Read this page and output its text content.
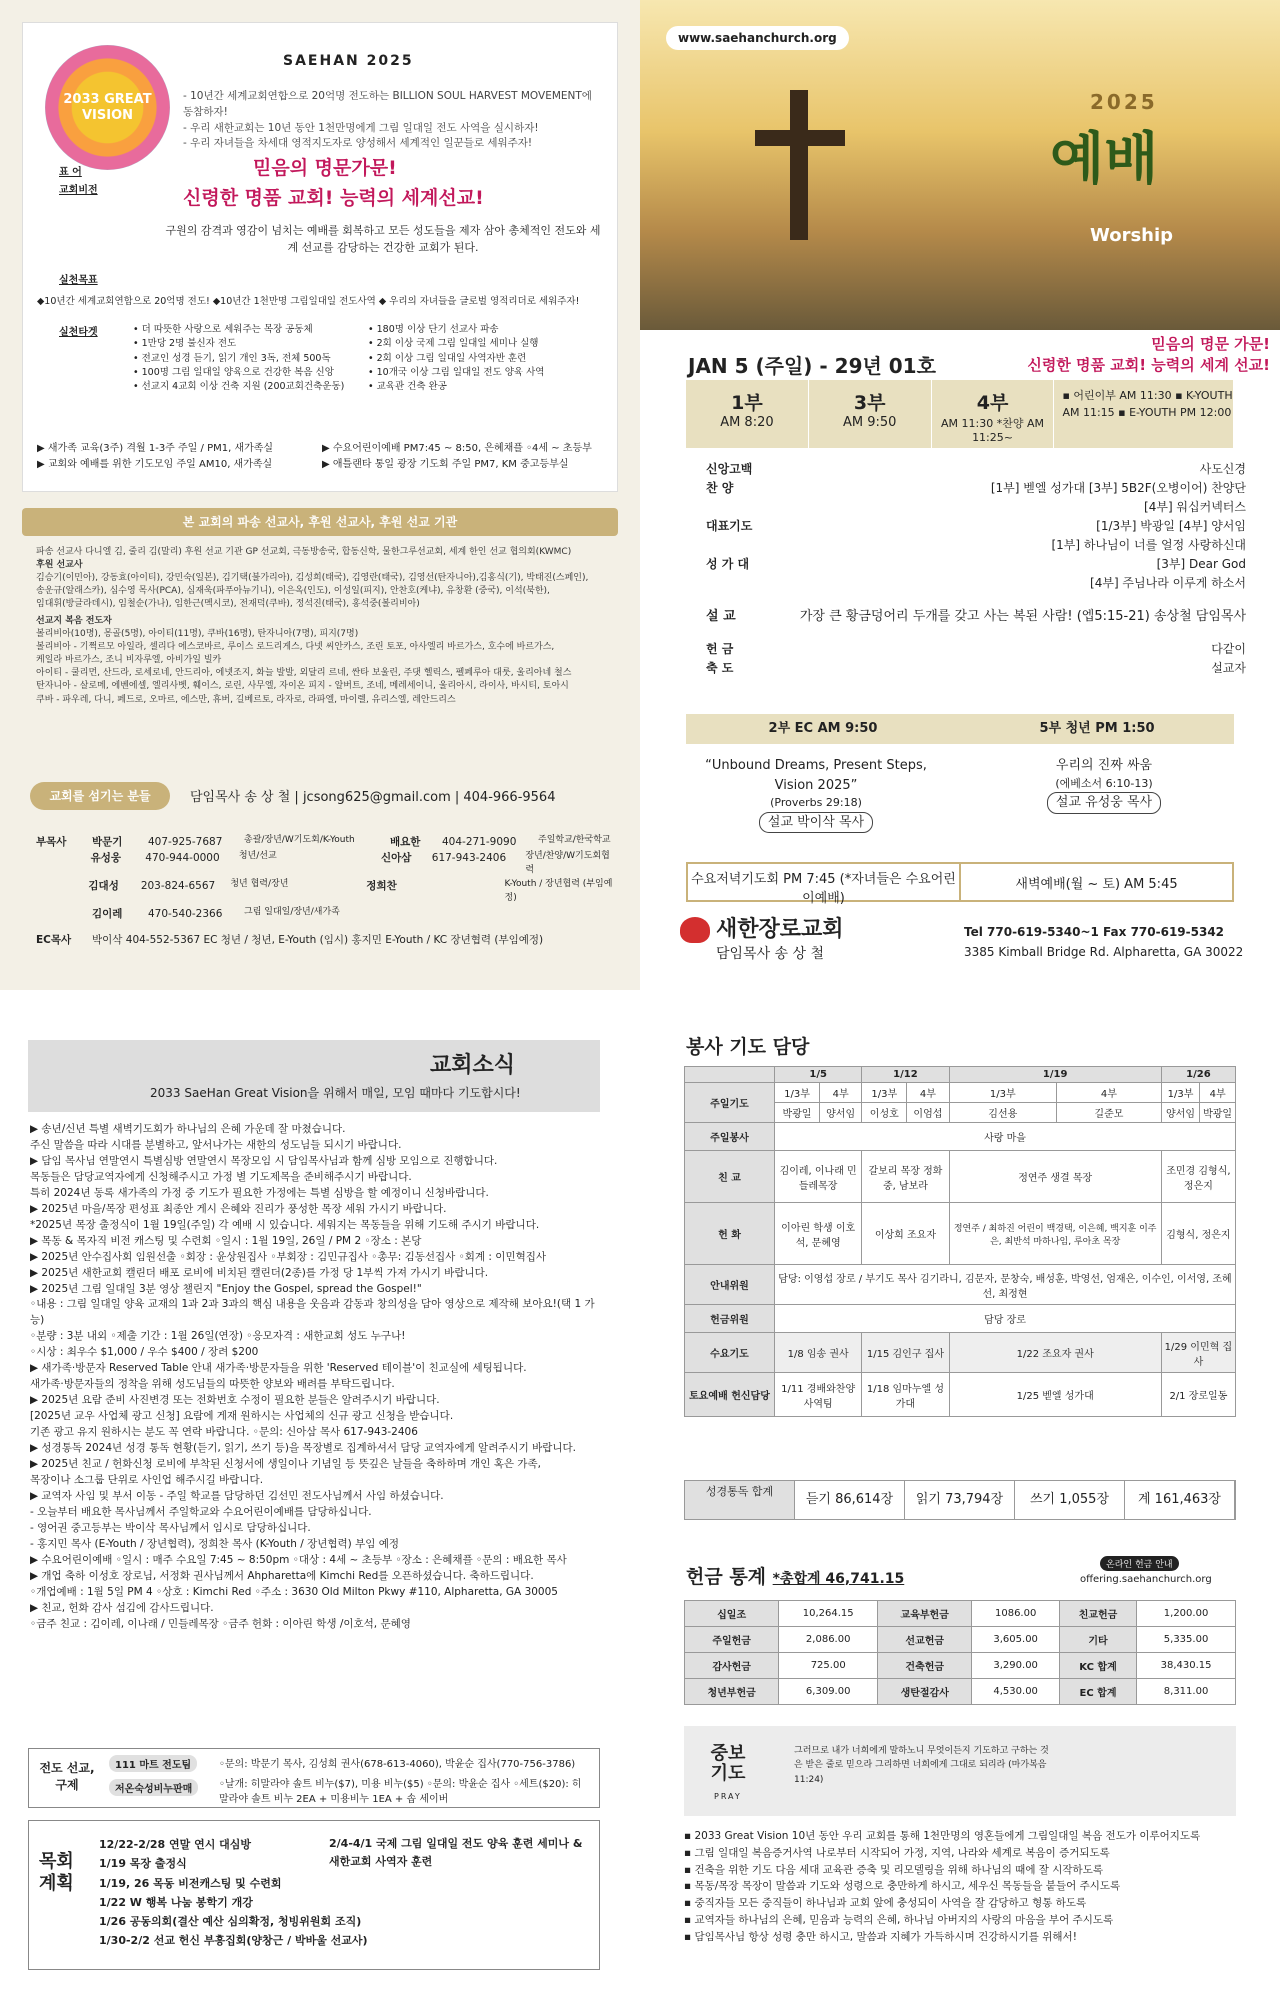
2033 GREAT VISION
SAEHAN 2025
- 10년간 세계교회연합으로 20억명 전도하는 BILLION SOUL HARVEST MOVEMENT에 동참하자!
- 우리 새한교회는 10년 동안 1천만명에게 그림 일대일 전도 사역을 실시하자!
- 우리 자녀들을 차세대 영적지도자로 양성해서 세계적인 일꾼들로 세워주자!
표 어
교회비전
믿음의 명문가문!
신령한 명품 교회! 능력의 세계선교!
구원의 감격과 영감이 넘치는 예배를 회복하고 모든 성도들을 제자 삼아 총체적인 전도와 세계 선교를 감당하는 건강한 교회가 된다.
실천목표
◆10년간 세계교회연합으로 20억명 전도! ◆10년간 1천만명 그림일대일 전도사역 ◆ 우리의 자녀들을 글로벌 영적리더로 세워주자!
실천타겟	• 더 따뜻한 사랑으로 세워주는 목장 공동체
• 1만당 2명 불신자 전도
• 전교인 성경 듣기, 읽기 개인 3독, 전체 500독
• 100명 그림 일대일 양육으로 건강한 복음 신앙
• 선교지 4교회 이상 건축 지원 (200교회건축운동)
• 180명 이상 단기 선교사 파송
• 2회 이상 국제 그림 일대일 세미나 실행
• 2회 이상 그림 일대일 사역자반 훈련
• 10개국 이상 그림 일대일 전도 양육 사역
• 교육관 건축 완공
▶ 새가족 교육(3주) 격월 1-3주 주일 / PM1, 새가족실
▶ 교회와 예배를 위한 기도모임 주일 AM10, 새가족실
▶ 수요어린이예배 PM7:45 ~ 8:50, 은혜채플 ◦4세 ~ 초등부
▶ 애틀랜타 통일 광장 기도회 주일 PM7, KM 중고등부실
본 교회의 파송 선교사, 후원 선교사, 후원 선교 기관
파송 선교사 다니엘 김, 줄리 김(말리) 후원 선교 기관 GP 선교회, 극동방송국, 합동신학, 물한그루선교회, 세계 한인 선교 협의회(KWMC)
후원 선교사
김승기(이민아), 강동효(아이티), 강민숙(일본), 김기택(불가리아), 김성희(태국), 김영란(태국), 김영선(탄자니아),김홍식(기), 박태진(스페인),
송운규(알래스카), 심수영 목사(PCA), 심재욱(파푸아뉴기니), 이은옥(인도), 이성일(피지), 안찬호(케냐), 유창환 (중국), 이석(북한),
임대휘(방글라데시), 임철순(가나), 임한근(멕시코), 전재덕(쿠바), 정석진(태국), 홍석중(볼리비아)
선교지 복음 전도자
볼리비아(10명), 몽골(5명), 아이티(11명), 쿠바(16명), 탄자니아(7명), 피지(7명)
볼리비아 - 기쩍르모 아일라, 셀리다 에스코바르, 루이스 로드리게스, 다넷 씨안카스, 조린 토포, 아사엘리 바르가스, 호수에 바르가스,
케일라 바르가스, 조니 비자루엘, 아비가일 빌카
아이티 - 쿨리먼, 산드라, 로세로네, 안드리아, 에넷조지, 화늘 발발, 외달리 르네, 싼타 보울린, 주댓 헬릭스, 펠페루아 대룻, 울리아네 철스
탄자니아 - 살로메, 에벤에셀, 엘리사벳, 훼이스, 로린, 사무엘, 자이온 피지 - 알버트, 조네, 메레세이니, 울리아시, 라이사, 바시티, 토아시
쿠바 - 파우레, 다니, 페드로, 오마르, 에스만, 휴버, 길베르토, 라자로, 라파엘, 마이렐, 유리스엘, 레안드리스
교회를 섬기는 분들	담임목사 송 상 철 | jcsong625@gmail.com | 404-966-9564
부목사	박문기	407-925-7687	총괄/장년/W기도회/K-Youth	배요한	404-271-9090	주일학교/한국학교
유성웅	470-944-0000	청년/선교	신아삼	617-943-2406	장년/찬양/W기도회협력
김대성	203-824-6567	청년 협력/장년	정희찬	K-Youth / 장년협력 (부임예정)
김이레	470-540-2366	그림 일대일/장년/새가족
EC목사	박이삭 404-552-5367 EC 청년 / 청년, E-Youth (임시) 홍지민 E-Youth / KC 장년협력 (부임예정)
www.saehanchurch.org
2025
예배
Worship
JAN 5 (주일) - 29년 01호
믿음의 명문 가문!
신령한 명품 교회! 능력의 세계 선교!
1부
AM 8:20
3부
AM 9:50
4부
AM 11:30 *찬양 AM 11:25~
▪ 어린이부 AM 11:30 ▪ K-YOUTH AM 11:15 ▪ E-YOUTH PM 12:00
신앙고백	사도신경
찬 양	[1부] 벧엘 성가대 [3부] 5B2F(오병이어) 찬양단
[4부] 워십커넥터스
대표기도	[1/3부] 박광일 [4부] 양서임
[1부] 하나님이 너를 얼정 사랑하신대
성 가 대	[3부] Dear God
[4부] 주님나라 이루게 하소서
설 교	가장 큰 황금덩어리 두개를 갖고 사는 복된 사람! (엡5:15-21) 송상철 담임목사
헌 금	다같이
축 도	설교자
2부 EC AM 9:50	5부 청년 PM 1:50
“Unbound Dreams, Present Steps,
Vision 2025”
(Proverbs 29:18)
설교 박이삭 목사
우리의 진짜 싸움
(에베소서 6:10-13)
설교 유성웅 목사
수요저녁기도회 PM 7:45 (*자녀들은 수요어린이예배)
새벽예배(월 ~ 토) AM 5:45
새한장로교회
담임목사 송 상 철
Tel 770-619-5340~1 Fax 770-619-5342
3385 Kimball Bridge Rd. Alpharetta, GA 30022
교회소식
2033 SaeHan Great Vision을 위해서 매일, 모임 때마다 기도합시다!

▶ 송년/신년 특별 새벽기도회가 하나님의 은혜 가운데 잘 마쳤습니다.

주신 말씀을 따라 시대를 분별하고, 앞서나가는 새한의 성도님들 되시기 바랍니다.

▶ 담임 목사님 연말연시 특별심방 연말연시 목장모임 시 담임목사님과 함께 심방 모임으로 진행합니다.

목동들은 담당교역자에게 신청해주시고 가정 별 기도제목을 준비해주시기 바랍니다.

특히 2024년 동록 새가족의 가정 중 기도가 필요한 가정에는 특별 심방을 할 예정이니 신청바랍니다.

▶ 2025년 마을/목장 편성표 최종안 게시 은혜와 진리가 풍성한 목장 세워 가시기 바랍니다.

*2025년 목장 출정식이 1월 19일(주일) 각 예배 시 있습니다. 세워지는 목동들을 위해 기도해 주시기 바랍니다.

▶ 목동 & 목자직 비전 캐스팅 및 수련회 ◦일시 : 1월 19일, 26일 / PM 2 ◦장소 : 본당

▶ 2025년 안수집사회 임원선출 ◦회장 : 윤상원집사 ◦부회장 : 김민규집사 ◦총무: 김동선집사 ◦회계 : 이민혁집사

▶ 2025년 새한교회 캘린더 배포 로비에 비치된 캘린더(2종)를 가정 당 1부씩 가져 가시기 바랍니다.

▶ 2025년 그림 일대일 3분 영상 챌린지 "Enjoy the Gospel, spread the Gospel!"

◦내용 : 그림 일대일 양육 교재의 1과 2과 3과의 핵심 내용을 웃음과 감동과 창의성을 담아 영상으로 제작해 보아요!(택 1 가능)

◦분량 : 3분 내외 ◦제출 기간 : 1월 26일(연장) ◦응모자격 : 새한교회 성도 누구나!

◦시상 : 최우수 $1,000 / 우수 $400 / 장려 $200

▶ 새가족·방문자 Reserved Table 안내 새가족·방문자들을 위한 'Reserved 테이블'이 친교실에 세팅됩니다.

새가족·방문자들의 정착을 위해 성도님들의 따뜻한 양보와 배려를 부탁드립니다.

▶ 2025년 요람 준비 사진변경 또는 전화번호 수정이 필요한 분들은 알려주시기 바랍니다.

[2025년 교우 사업체 광고 신청] 요람에 게재 원하시는 사업체의 신규 광고 신청을 받습니다.

기존 광고 유지 원하시는 분도 꼭 연락 바랍니다. ◦문의: 신아삼 목사 617-943-2406

▶ 성경통독 2024년 성경 통독 현황(듣기, 읽기, 쓰기 등)을 목장별로 집계하셔서 담당 교역자에게 알려주시기 바랍니다.

▶ 2025년 친교 / 헌화신청 로비에 부착된 신청서에 생일이나 기념일 등 뜻깊은 날들을 축하하며 개인 혹은 가족,

목장이나 소그룹 단위로 사인업 해주시길 바랍니다.

▶ 교역자 사임 및 부서 이동 - 주일 학교를 담당하던 김선민 전도사님께서 사임 하셨습니다.

- 오늘부터 배요한 목사님께서 주일학교와 수요어린이예배를 담당하십니다.

- 영어권 중고등부는 박이삭 목사님께서 임시로 담당하십니다.

- 홍지민 목사 (E-Youth / 장년협력), 정희찬 목사 (K-Youth / 장년협력) 부임 예정

▶ 수요어린이예배 ◦일시 : 매주 수요일 7:45 ~ 8:50pm ◦대상 : 4세 ~ 초등부 ◦장소 : 은혜채플 ◦문의 : 배요한 목사

▶ 개업 축하 이성호 장로님, 서정화 권사님께서 Ahpharetta에 Kimchi Red를 오픈하셨습니다. 축하드립니다.

◦개업예배 : 1월 5일 PM 4 ◦상호 : Kimchi Red ◦주소 : 3630 Old Milton Pkwy #110, Alpharetta, GA 30005

▶ 친교, 헌화 감사 섬김에 감사드립니다.

◦금주 친교 : 김이레, 이나래 / 민들레목장 ◦금주 헌화 : 이아린 학생 /이호석, 문혜영

전도 선교,구제
111 마트 전도팀	◦문의: 박문기 목사, 김성희 권사(678-613-4060), 박윤순 집사(770-756-3786)
저온숙성비누판매	◦날개: 히말라야 솔트 비누($7), 미용 비누($5) ◦문의: 박윤순 집사 ◦세트($20): 히말라야 솔트 비누 2EA + 미용비누 1EA + 솝 세이버
목회 계획
12/22-2/28 연말 연시 대심방
1/19 목장 출정식
1/19, 26 목동 비전캐스팅 및 수련회
1/22 W 행복 나눔 봉학기 개강
1/26 공동의회(결산 예산 심의확정, 청빙위원회 조직)
1/30-2/2 선교 헌신 부흥집회(양창근 / 박바울 선교사)
2/4-4/1 국제 그림 일대일 전도 양육 훈련 세미나 & 새한교회 사역자 훈련
봉사 기도 담당
	1/5		1/12		1/19		1/26	
주일기도	1/3부	4부	1/3부	4부	1/3부	4부	1/3부	4부
	박광일	양서임	이성호	이엄섭	김선용	길준모	양서임	박광일
주일봉사	사랑 마을							
친 교	김이레, 이나래 민들레목장		갈보리 목장 정화중, 남보라		정연주 생결 목장		조민경 김형식, 정은지	
헌 화	이아린 학생 이호석, 문혜영		이상희 조요자		정연주 / 최하진 어린이 백경택, 이은혜, 백지훈 이주은, 최반석 마하나임, 루아초 목장		김형식, 정은지	
안내위원	담당: 이영섭 장로 / 부기도 목사 김기라니, 김문자, 문창숙, 배성훈, 박영선, 엄재은, 이수인, 이서영, 조혜선, 최정현							
헌금위원	담당 장로							
수요기도	1/8 임송 권사		1/15 김인구 집사		1/22 조요자 권사		1/29 이민혁 집사	
토요예배 헌신담당	1/11 경배와찬양 사역팀		1/18 임마누엘 성가대		1/25 벧엘 성가대		2/1 장로일동	
성경통독 합계
듣기 86,614장	읽기 73,794장	쓰기 1,055장	계 161,463장
헌금 통계 *총합계 46,741.15
온라인 헌금 안내
offering.saehanchurch.org
십일조	10,264.15	교육부헌금	1086.00	친교헌금	1,200.00
주일헌금	2,086.00	선교헌금	3,605.00	기타	5,335.00
감사헌금	725.00	건축헌금	3,290.00	KC 합계	38,430.15
청년부헌금	6,309.00	생탄절감사	4,530.00	EC 합계	8,311.00
중보 기도
PRAY
그러므로 내가 너희에게 말하노니 무엇이든지 기도하고 구하는 것은 받은 줄로 믿으라 그리하면 너희에게 그대로 되리라 (마가복음 11:24)
▪ 2033 Great Vision 10년 동안 우리 교회를 통해 1천만명의 영혼들에게 그림일대일 복음 전도가 이루어지도록
▪ 그림 일대일 복음증거사역 나로부터 시작되어 가정, 지역, 나라와 세계로 복음이 증거되도록
▪ 건축을 위한 기도 다음 세대 교육관 증축 및 리모델링을 위해 하나님의 때에 잘 시작하도록
▪ 목동/목장 목장이 말씀과 기도와 성령으로 충만하게 하시고, 세우신 목동들을 붙들어 주시도록
▪ 중직자들 모든 중직들이 하나님과 교회 앞에 충성되이 사역을 잘 감당하고 형통 하도록
▪ 교역자들 하나님의 은혜, 믿음과 능력의 은혜, 하나님 아버지의 사랑의 마음을 부어 주시도록
▪ 담임목사님 항상 성령 충만 하시고, 말씀과 지혜가 가득하시며 건강하시기를 위해서!
